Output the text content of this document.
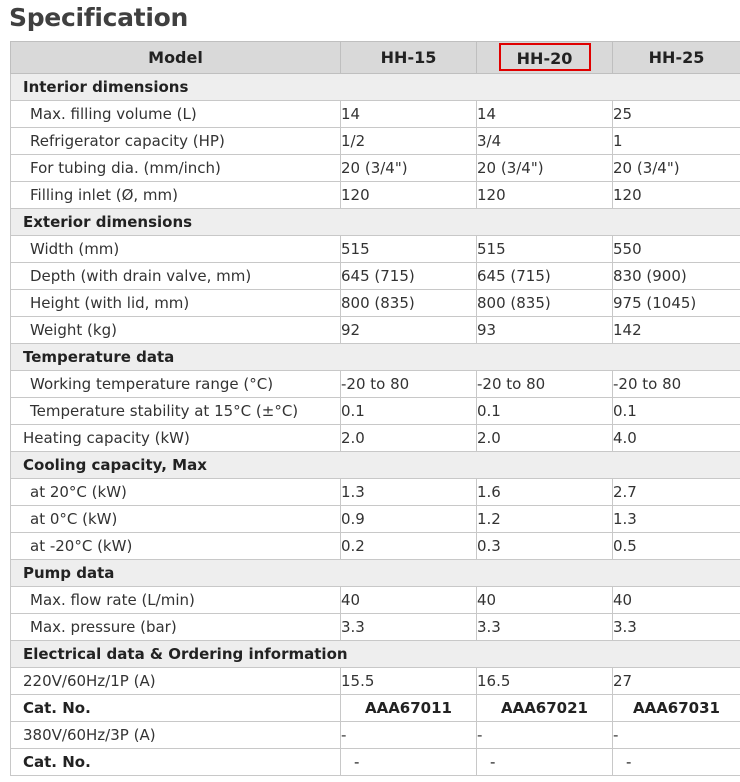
Specification
Model	HH-15	HH-20	HH-25
Interior dimensions			
Max. filling volume (L)	14	14	25
Refrigerator capacity (HP)	1/2	3/4	1
For tubing dia. (mm/inch)	20 (3/4")	20 (3/4")	20 (3/4")
Filling inlet (Ø, mm)	120	120	120
Exterior dimensions			
Width (mm)	515	515	550
Depth (with drain valve, mm)	645 (715)	645 (715)	830 (900)
Height (with lid, mm)	800 (835)	800 (835)	975 (1045)
Weight (kg)	92	93	142
Temperature data			
Working temperature range (°C)	-20 to 80	-20 to 80	-20 to 80
Temperature stability at 15°C (±°C)	0.1	0.1	0.1
Heating capacity (kW)	2.0	2.0	4.0
Cooling capacity, Max			
at 20°C (kW)	1.3	1.6	2.7
at 0°C (kW)	0.9	1.2	1.3
at -20°C (kW)	0.2	0.3	0.5
Pump data			
Max. flow rate (L/min)	40	40	40
Max. pressure (bar)	3.3	3.3	3.3
Electrical data & Ordering information			
220V/60Hz/1P (A)	15.5	16.5	27
Cat. No.	AAA67011	AAA67021	AAA67031
380V/60Hz/3P (A)	-	-	-
Cat. No.	-	-	-
